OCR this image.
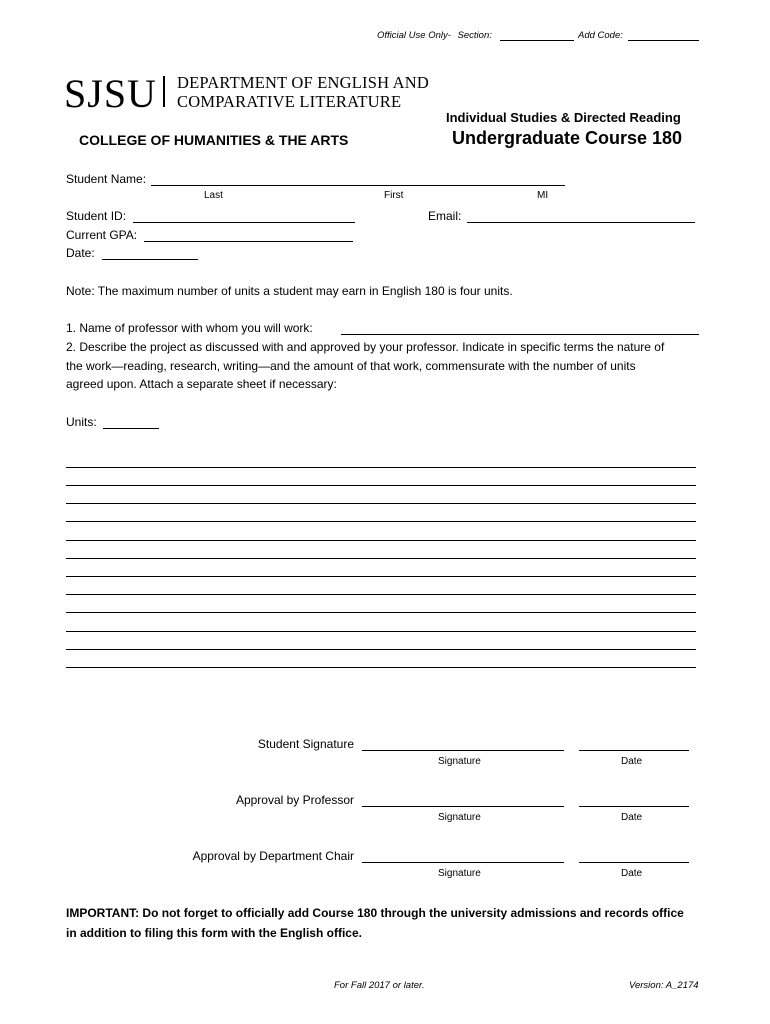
Official Use Only- Section:	Add Code:
SJSU DEPARTMENT OF ENGLISH AND
COMPARATIVE LITERATURE
Individual Studies & Directed Reading
COLLEGE OF HUMANITIES & THE ARTS	Undergraduate Course 180
Student Name:
Last	First	MI
Student ID:	Email:
Current GPA:
Date:
Note: The maximum number of units a student may earn in English 180 is four units.
1. Name of professor with whom you will work:
2. Describe the project as discussed with and approved by your professor. Indicate in specific terms the nature of
the work—reading, research, writing—and the amount of that work, commensurate with the number of units
agreed upon. Attach a separate sheet if necessary:
Units:
Student Signature
Signature	Date
Approval by Professor
Signature	Date
Approval by Department Chair
Signature	Date
IMPORTANT: Do not forget to officially add Course 180 through the university admissions and records office
in addition to filing this form with the English office.
For Fall 2017 or later.	Version: A_2174
